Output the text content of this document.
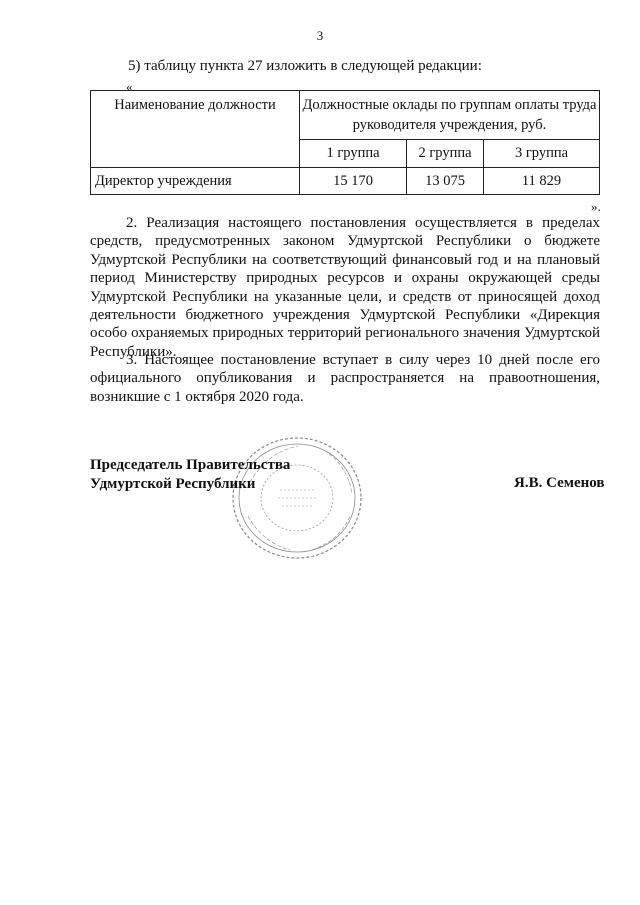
3
5) таблицу пункта 27 изложить в следующей редакции:
«
Наименование должности	Должностные оклады по группам оплаты труда руководителя учреждения, руб.		
	1 группа	2 группа	3 группа
Директор учреждения	15 170	13 075	11 829
».

2. Реализация настоящего постановления осуществляется в пределах средств, предусмотренных законом Удмуртской Республики о бюджете Удмуртской Республики на соответствующий финансовый год и на плановый период Министерству природных ресурсов и охраны окружающей среды Удмуртской Республики на указанные цели, и средств от приносящей доход деятельности бюджетного учреждения Удмуртской Республики «Дирекция особо охраняемых природных территорий регионального значения Удмуртской Республики».

3. Настоящее постановление вступает в силу через 10 дней после его официального опубликования и распространяется на правоотношения, возникшие с 1 октября 2020 года.

Председатель Правительства
Удмуртской Республики	Я.В. Семенов
